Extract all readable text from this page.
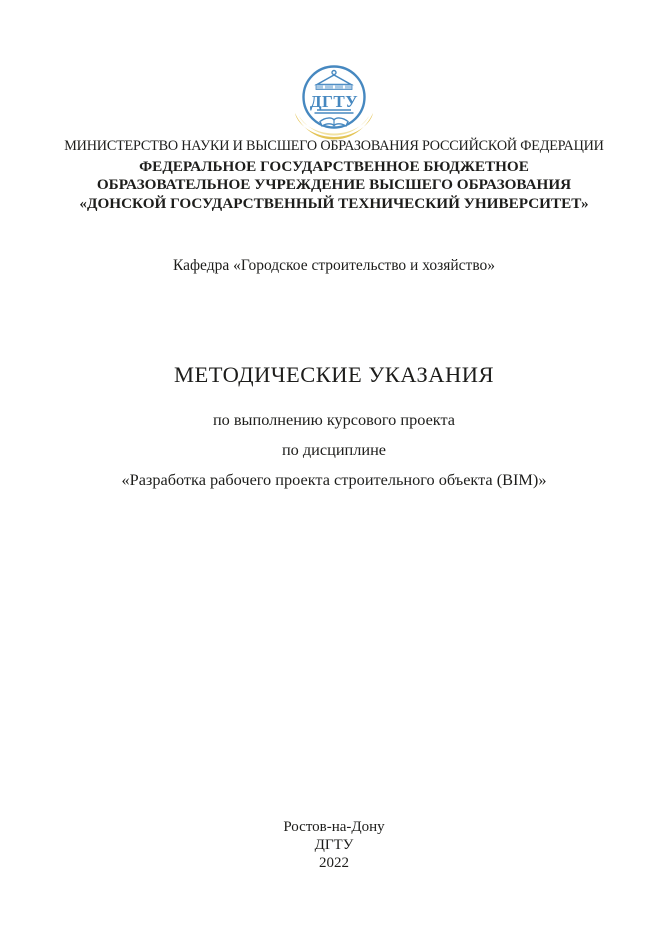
ДГТУ
МИНИСТЕРСТВО НАУКИ И ВЫСШЕГО ОБРАЗОВАНИЯ РОССИЙСКОЙ ФЕДЕРАЦИИ
ФЕДЕРАЛЬНОЕ ГОСУДАРСТВЕННОЕ БЮДЖЕТНОЕ
ОБРАЗОВАТЕЛЬНОЕ УЧРЕЖДЕНИЕ ВЫСШЕГО ОБРАЗОВАНИЯ
«ДОНСКОЙ ГОСУДАРСТВЕННЫЙ ТЕХНИЧЕСКИЙ УНИВЕРСИТЕТ»
Кафедра «Городское строительство и хозяйство»
МЕТОДИЧЕСКИЕ УКАЗАНИЯ
по выполнению курсового проекта
по дисциплине
«Разработка рабочего проекта строительного объекта (BIM)»
Ростов-на-Дону
ДГТУ
2022
